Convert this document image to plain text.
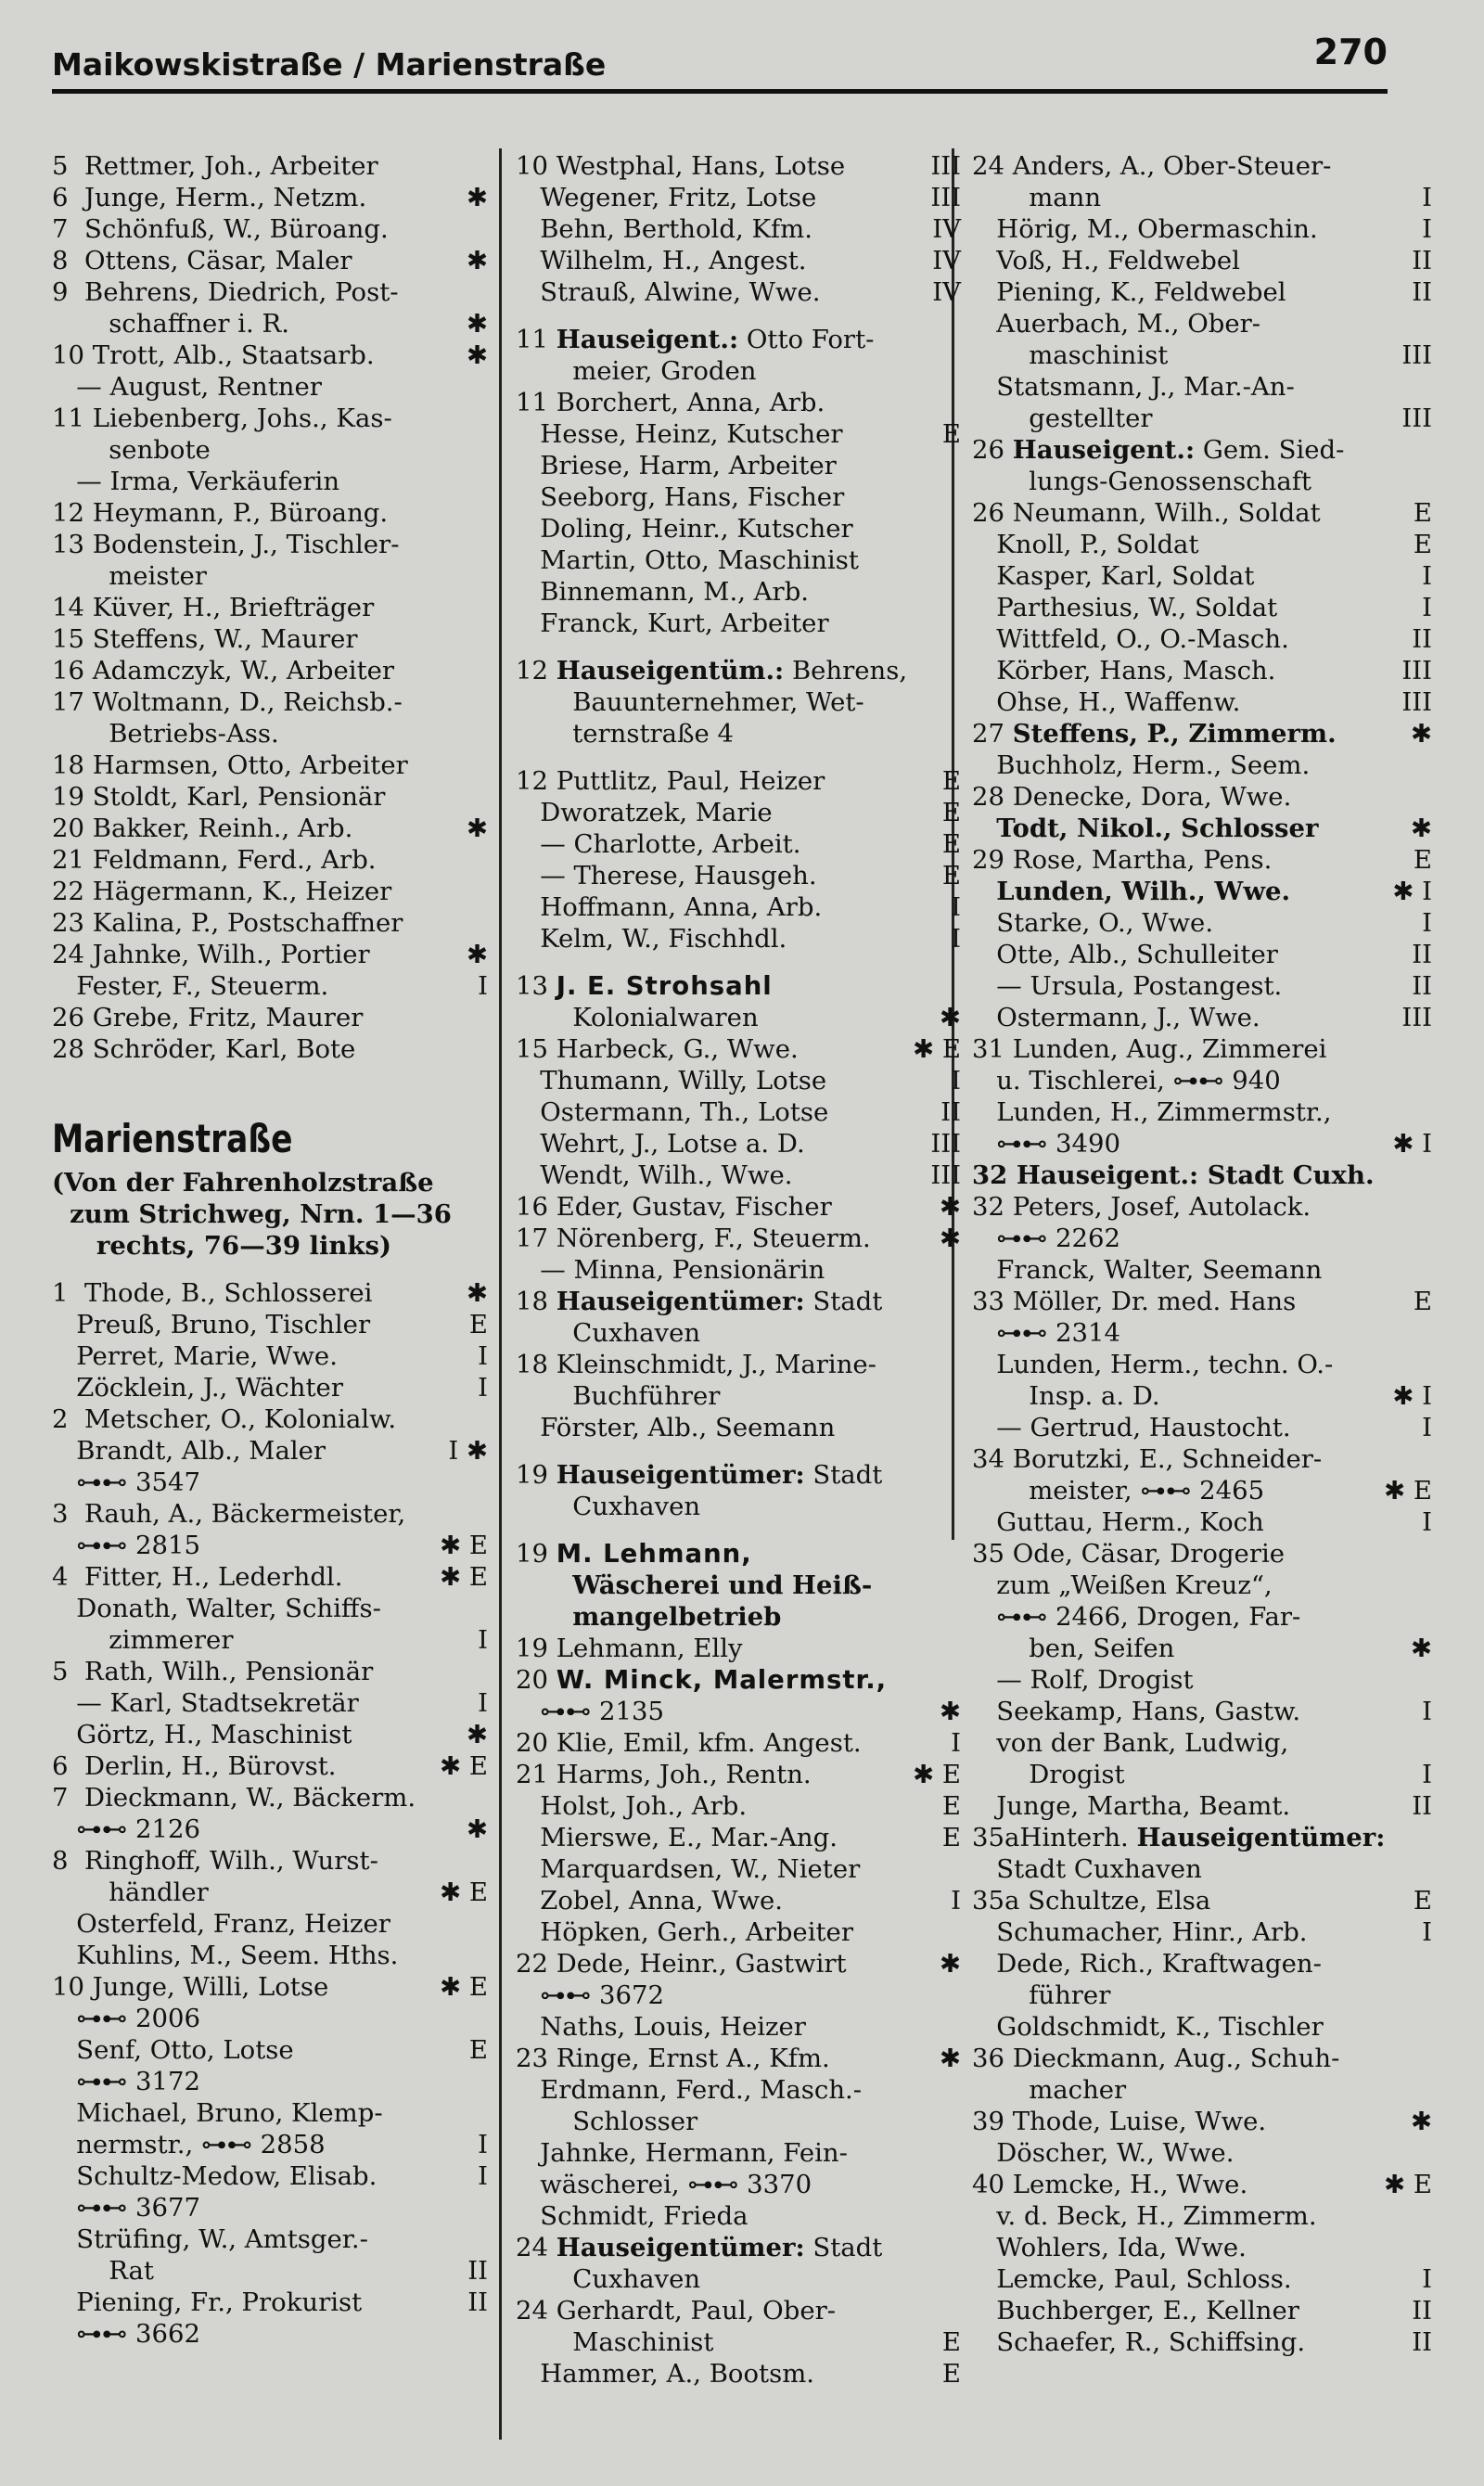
Maikowskistraße / Marienstraße	270
5  Rettmer, Joh., Arbeiter
6  Junge, Herm., Netzm.	✱
7  Schönfuß, W., Büroang.
8  Ottens, Cäsar, Maler	✱
9  Behrens, Diedrich, Post-
schaffner i. R.	✱
10 Trott, Alb., Staatsarb.	✱
— August, Rentner
11 Liebenberg, Johs., Kas-
senbote
— Irma, Verkäuferin
12 Heymann, P., Büroang.
13 Bodenstein, J., Tischler-
meister
14 Küver, H., Briefträger
15 Steffens, W., Maurer
16 Adamczyk, W., Arbeiter
17 Woltmann, D., Reichsb.-
Betriebs-Ass.
18 Harmsen, Otto, Arbeiter
19 Stoldt, Karl, Pensionär
20 Bakker, Reinh., Arb.	✱
21 Feldmann, Ferd., Arb.
22 Hägermann, K., Heizer
23 Kalina, P., Postschaffner
24 Jahnke, Wilh., Portier	✱
Fester, F., Steuerm.	I
26 Grebe, Fritz, Maurer
28 Schröder, Karl, Bote
Marienstraße
(Von der Fahrenholzstraße
zum Strichweg, Nrn. 1—36
rechts, 76—39 links)
1  Thode, B., Schlosserei	✱
Preuß, Bruno, Tischler	E
Perret, Marie, Wwe.	I
Zöcklein, J., Wächter	I
2  Metscher, O., Kolonialw.
Brandt, Alb., Maler	I ✱
⊶⊷ 3547
3  Rauh, A., Bäckermeister,
⊶⊷ 2815	✱ E
4  Fitter, H., Lederhdl.	✱ E
Donath, Walter, Schiffs-
zimmerer	I
5  Rath, Wilh., Pensionär
— Karl, Stadtsekretär	I
Görtz, H., Maschinist	✱
6  Derlin, H., Bürovst.	✱ E
7  Dieckmann, W., Bäckerm.
⊶⊷ 2126	✱
8  Ringhoff, Wilh., Wurst-
händler	✱ E
Osterfeld, Franz, Heizer
Kuhlins, M., Seem. Hths.
10 Junge, Willi, Lotse	✱ E
⊶⊷ 2006
Senf, Otto, Lotse	E
⊶⊷ 3172
Michael, Bruno, Klemp-
nermstr., ⊶⊷ 2858	I
Schultz-Medow, Elisab.	I
⊶⊷ 3677
Strüfing, W., Amtsger.-
Rat	II
Piening, Fr., Prokurist	II
⊶⊷ 3662
10 Westphal, Hans, Lotse	III
Wegener, Fritz, Lotse	III
Behn, Berthold, Kfm.	IV
Wilhelm, H., Angest.	IV
Strauß, Alwine, Wwe.	IV
11 Hauseigent.: Otto Fort-
meier, Groden
11 Borchert, Anna, Arb.
Hesse, Heinz, Kutscher	E
Briese, Harm, Arbeiter
Seeborg, Hans, Fischer
Doling, Heinr., Kutscher
Martin, Otto, Maschinist
Binnemann, M., Arb.
Franck, Kurt, Arbeiter
12 Hauseigentüm.: Behrens,
Bauunternehmer, Wet-
ternstraße 4
12 Puttlitz, Paul, Heizer	E
Dworatzek, Marie	E
— Charlotte, Arbeit.	E
— Therese, Hausgeh.	E
Hoffmann, Anna, Arb.	I
Kelm, W., Fischhdl.	I
13 J. E. Strohsahl
Kolonialwaren	✱
15 Harbeck, G., Wwe.	✱ E
Thumann, Willy, Lotse	I
Ostermann, Th., Lotse	II
Wehrt, J., Lotse a. D.	III
Wendt, Wilh., Wwe.	III
16 Eder, Gustav, Fischer	✱
17 Nörenberg, F., Steuerm.	✱
— Minna, Pensionärin
18 Hauseigentümer: Stadt
Cuxhaven
18 Kleinschmidt, J., Marine-
Buchführer
Förster, Alb., Seemann
19 Hauseigentümer: Stadt
Cuxhaven
19 M. Lehmann,
Wäscherei und Heiß-
mangelbetrieb
19 Lehmann, Elly
20 W. Minck, Malermstr.,
⊶⊷ 2135	✱
20 Klie, Emil, kfm. Angest.	I
21 Harms, Joh., Rentn.	✱ E
Holst, Joh., Arb.	E
Mierswe, E., Mar.-Ang.	E
Marquardsen, W., Nieter
Zobel, Anna, Wwe.	I
Höpken, Gerh., Arbeiter
22 Dede, Heinr., Gastwirt	✱
⊶⊷ 3672
Naths, Louis, Heizer
23 Ringe, Ernst A., Kfm.	✱
Erdmann, Ferd., Masch.-
Schlosser
Jahnke, Hermann, Fein-
wäscherei, ⊶⊷ 3370
Schmidt, Frieda
24 Hauseigentümer: Stadt
Cuxhaven
24 Gerhardt, Paul, Ober-
Maschinist	E
Hammer, A., Bootsm.	E
24 Anders, A., Ober-Steuer-
mann	I
Hörig, M., Obermaschin.	I
Voß, H., Feldwebel	II
Piening, K., Feldwebel	II
Auerbach, M., Ober-
maschinist	III
Statsmann, J., Mar.-An-
gestellter	III
26 Hauseigent.: Gem. Sied-
lungs-Genossenschaft
26 Neumann, Wilh., Soldat	E
Knoll, P., Soldat	E
Kasper, Karl, Soldat	I
Parthesius, W., Soldat	I
Wittfeld, O., O.-Masch.	II
Körber, Hans, Masch.	III
Ohse, H., Waffenw.	III
27 Steffens, P., Zimmerm.	✱
Buchholz, Herm., Seem.
28 Denecke, Dora, Wwe.
Todt, Nikol., Schlosser	✱
29 Rose, Martha, Pens.	E
Lunden, Wilh., Wwe.	✱ I
Starke, O., Wwe.	I
Otte, Alb., Schulleiter	II
— Ursula, Postangest.	II
Ostermann, J., Wwe.	III
31 Lunden, Aug., Zimmerei
u. Tischlerei, ⊶⊷ 940
Lunden, H., Zimmermstr.,
⊶⊷ 3490	✱ I
32 Hauseigent.: Stadt Cuxh.
32 Peters, Josef, Autolack.
⊶⊷ 2262
Franck, Walter, Seemann
33 Möller, Dr. med. Hans	E
⊶⊷ 2314
Lunden, Herm., techn. O.-
Insp. a. D.	✱ I
— Gertrud, Haustocht.	I
34 Borutzki, E., Schneider-
meister, ⊶⊷ 2465	✱ E
Guttau, Herm., Koch	I
35 Ode, Cäsar, Drogerie
zum „Weißen Kreuz“,
⊶⊷ 2466, Drogen, Far-
ben, Seifen	✱
— Rolf, Drogist
Seekamp, Hans, Gastw.	I
von der Bank, Ludwig,
Drogist	I
Junge, Martha, Beamt.	II
35aHinterh. Hauseigentümer:
Stadt Cuxhaven
35a Schultze, Elsa	E
Schumacher, Hinr., Arb.	I
Dede, Rich., Kraftwagen-
führer
Goldschmidt, K., Tischler
36 Dieckmann, Aug., Schuh-
macher
39 Thode, Luise, Wwe.	✱
Döscher, W., Wwe.
40 Lemcke, H., Wwe.	✱ E
v. d. Beck, H., Zimmerm.
Wohlers, Ida, Wwe.
Lemcke, Paul, Schloss.	I
Buchberger, E., Kellner	II
Schaefer, R., Schiffsing.	II
